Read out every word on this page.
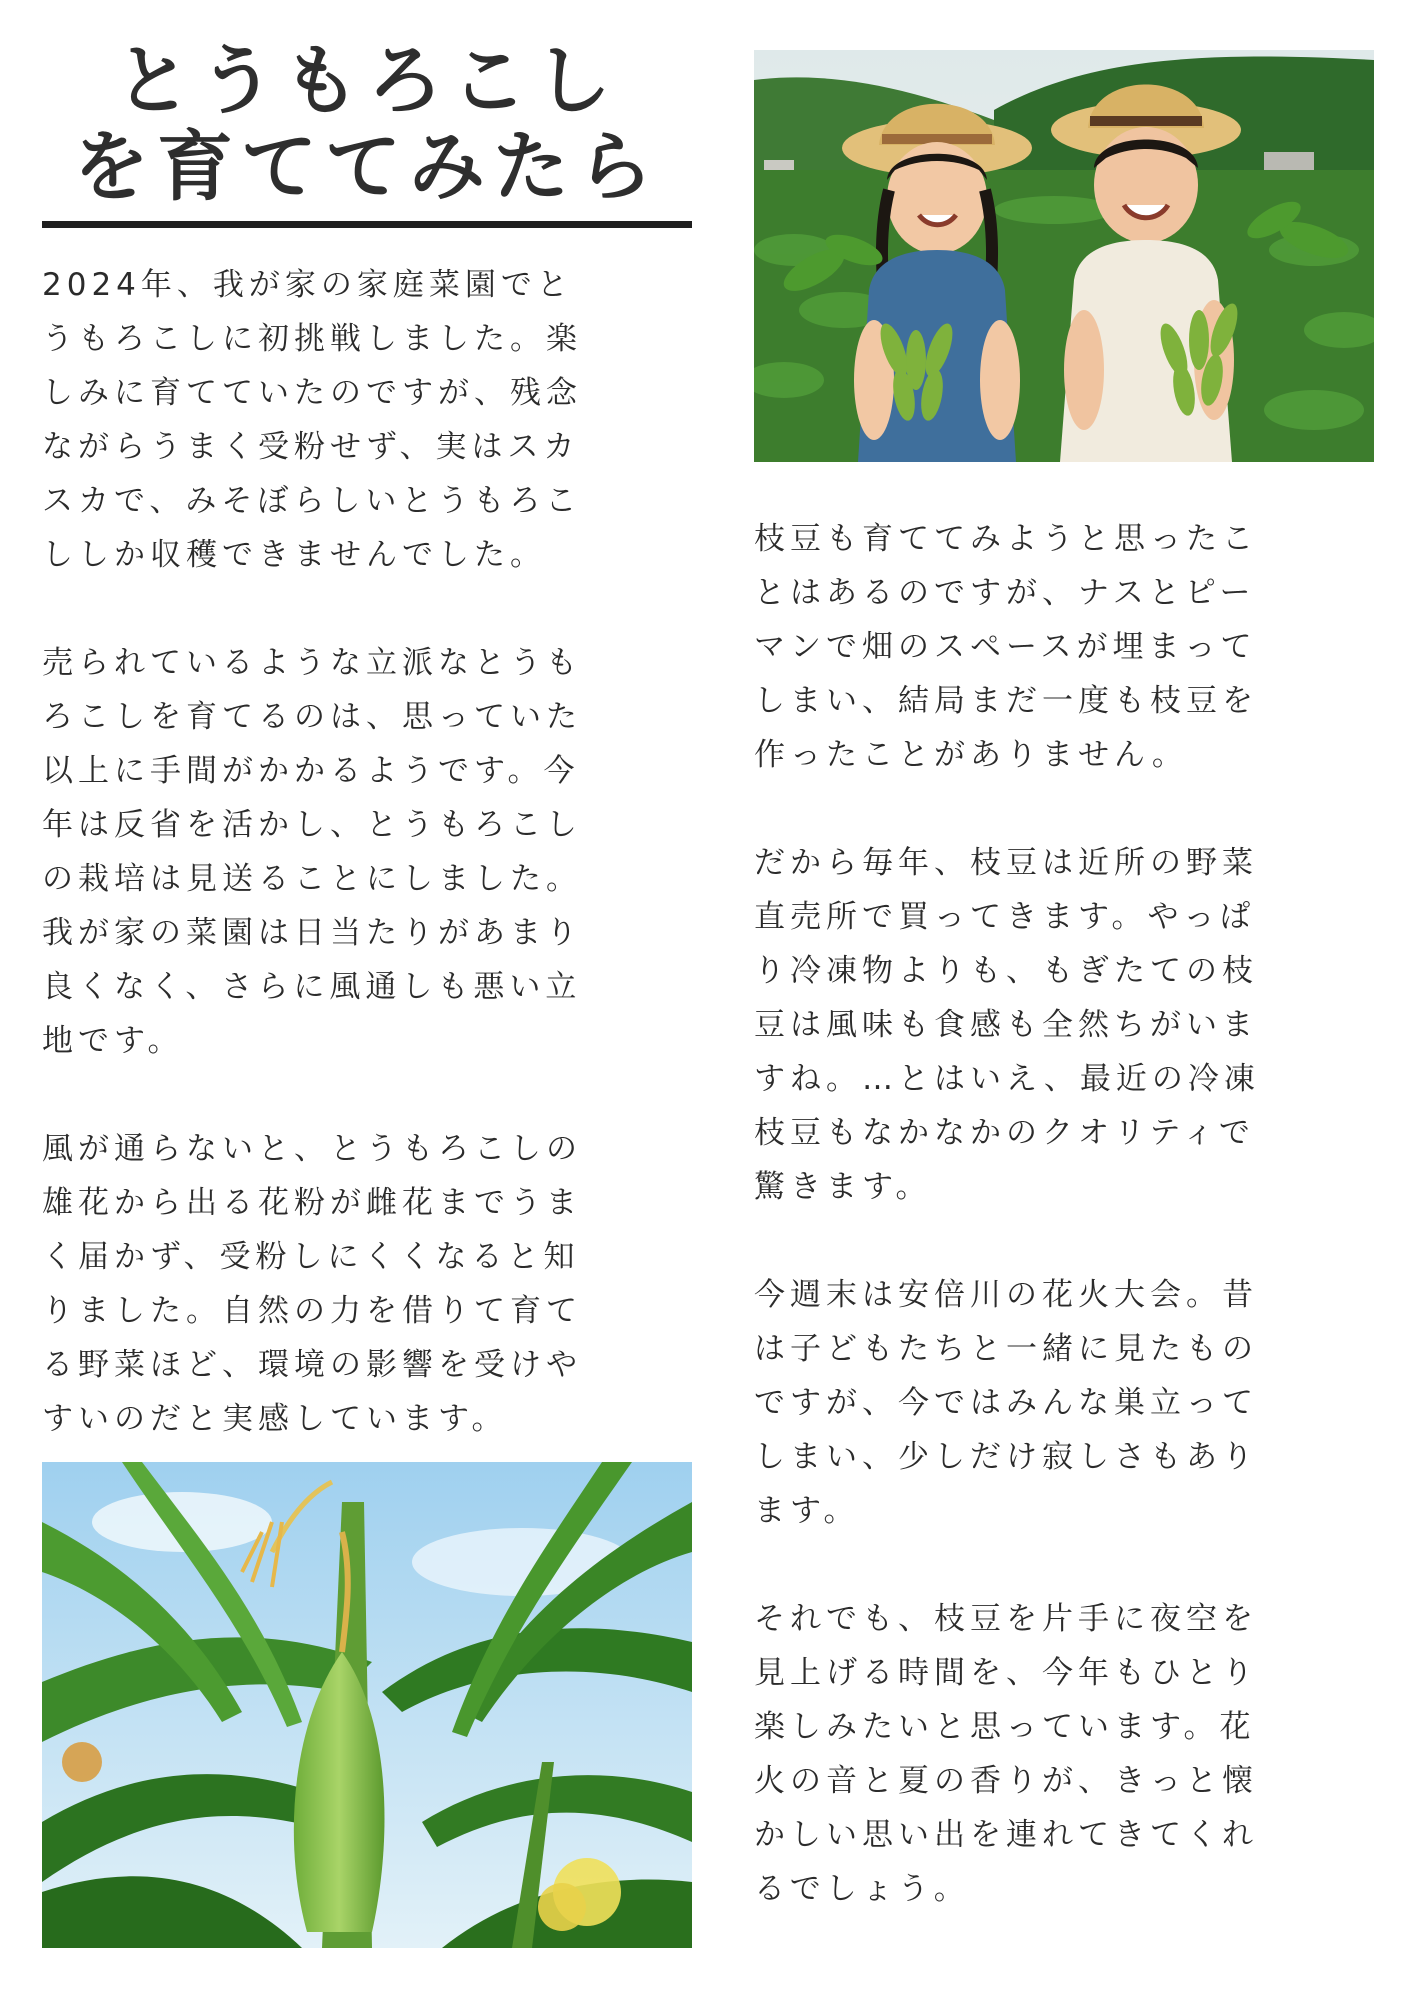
とうもろこし
を育ててみたら

2024年、我が家の家庭菜園でと
うもろこしに初挑戦しました。楽
しみに育てていたのですが、残念
ながらうまく受粉せず、実はスカ
スカで、みそぼらしいとうもろこ
ししか収穫できませんでした。

売られているような立派なとうも
ろこしを育てるのは、思っていた
以上に手間がかかるようです。今
年は反省を活かし、とうもろこし
の栽培は見送ることにしました。
我が家の菜園は日当たりがあまり
良くなく、さらに風通しも悪い立
地です。

風が通らないと、とうもろこしの
雄花から出る花粉が雌花までうま
く届かず、受粉しにくくなると知
りました。自然の力を借りて育て
る野菜ほど、環境の影響を受けや
すいのだと実感しています。

枝豆も育ててみようと思ったこ
とはあるのですが、ナスとピー
マンで畑のスペースが埋まって
しまい、結局まだ一度も枝豆を
作ったことがありません。

だから毎年、枝豆は近所の野菜
直売所で買ってきます。やっぱ
り冷凍物よりも、もぎたての枝
豆は風味も食感も全然ちがいま
すね。…とはいえ、最近の冷凍
枝豆もなかなかのクオリティで
驚きます。

今週末は安倍川の花火大会。昔
は子どもたちと一緒に見たもの
ですが、今ではみんな巣立って
しまい、少しだけ寂しさもあり
ます。

それでも、枝豆を片手に夜空を
見上げる時間を、今年もひとり
楽しみたいと思っています。花
火の音と夏の香りが、きっと懐
かしい思い出を連れてきてくれ
るでしょう。
